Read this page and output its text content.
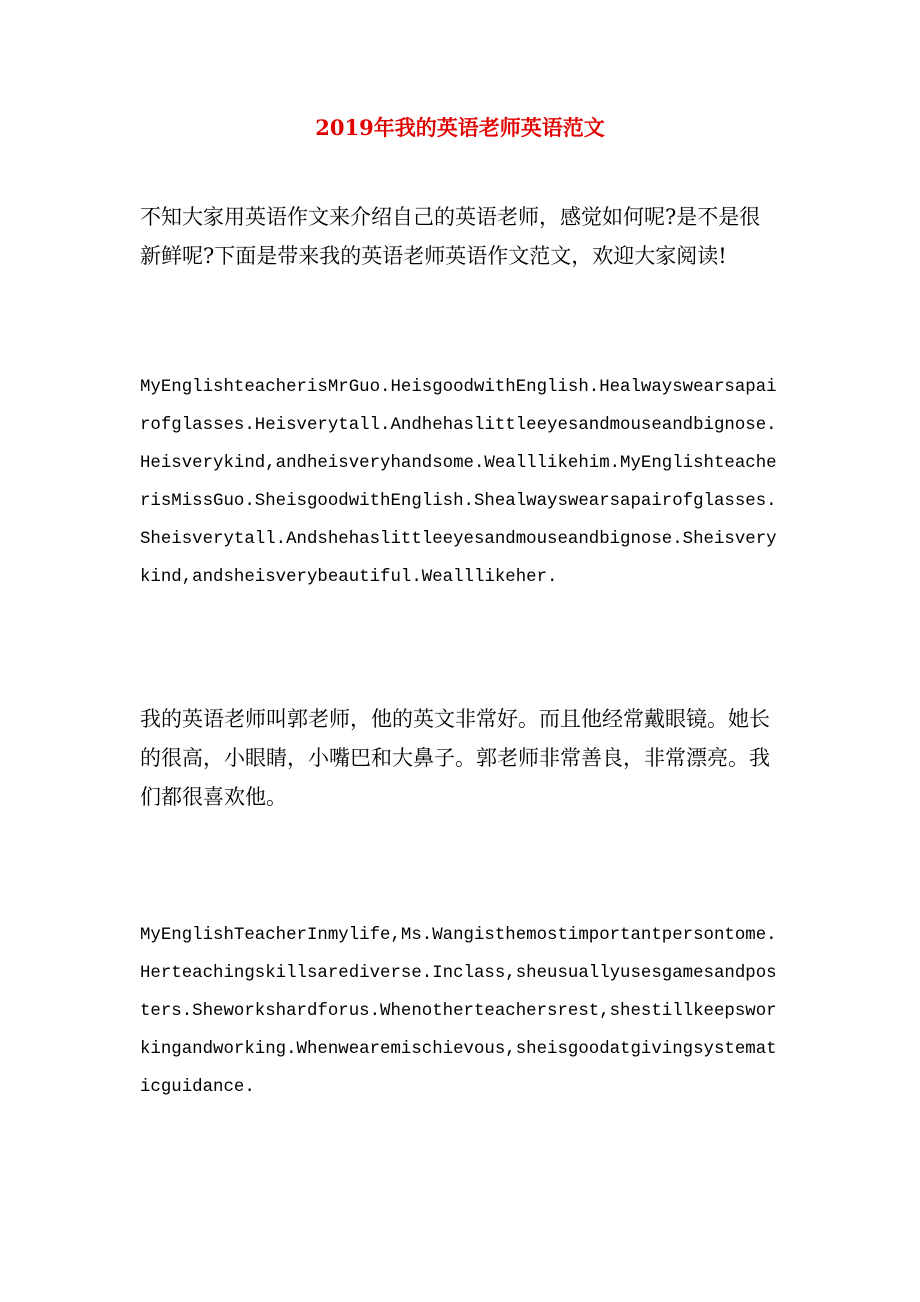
2019年我的英语老师英语范文

不知大家用英语作文来介绍自己的英语老师，感觉如何呢?是不是很新鲜呢?下面是带来我的英语老师英语作文范文，欢迎大家阅读!

MyEnglishteacherisMrGuo.HeisgoodwithEnglish.Healwayswearsapairofglasses.Heisverytall.Andhehaslittleeyesandmouseandbignose.Heisverykind,andheisveryhandsome.Wealllikehim.MyEnglishteacherisMissGuo.SheisgoodwithEnglish.Shealwayswearsapairofglasses.Sheisverytall.Andshehaslittleeyesandmouseandbignose.Sheisverykind,andsheisverybeautiful.Wealllikeher.

我的英语老师叫郭老师，他的英文非常好。而且他经常戴眼镜。她长的很高，小眼睛，小嘴巴和大鼻子。郭老师非常善良，非常漂亮。我们都很喜欢他。

MyEnglishTeacherInmylife,Ms.Wangisthemostimportantpersontome.Herteachingskillsarediverse.Inclass,sheusuallyusesgamesandposters.Sheworkshardforus.Whenotherteachersrest,shestillkeepsworkingandworking.Whenwearemischievous,sheisgoodatgivingsystematicguidance.
